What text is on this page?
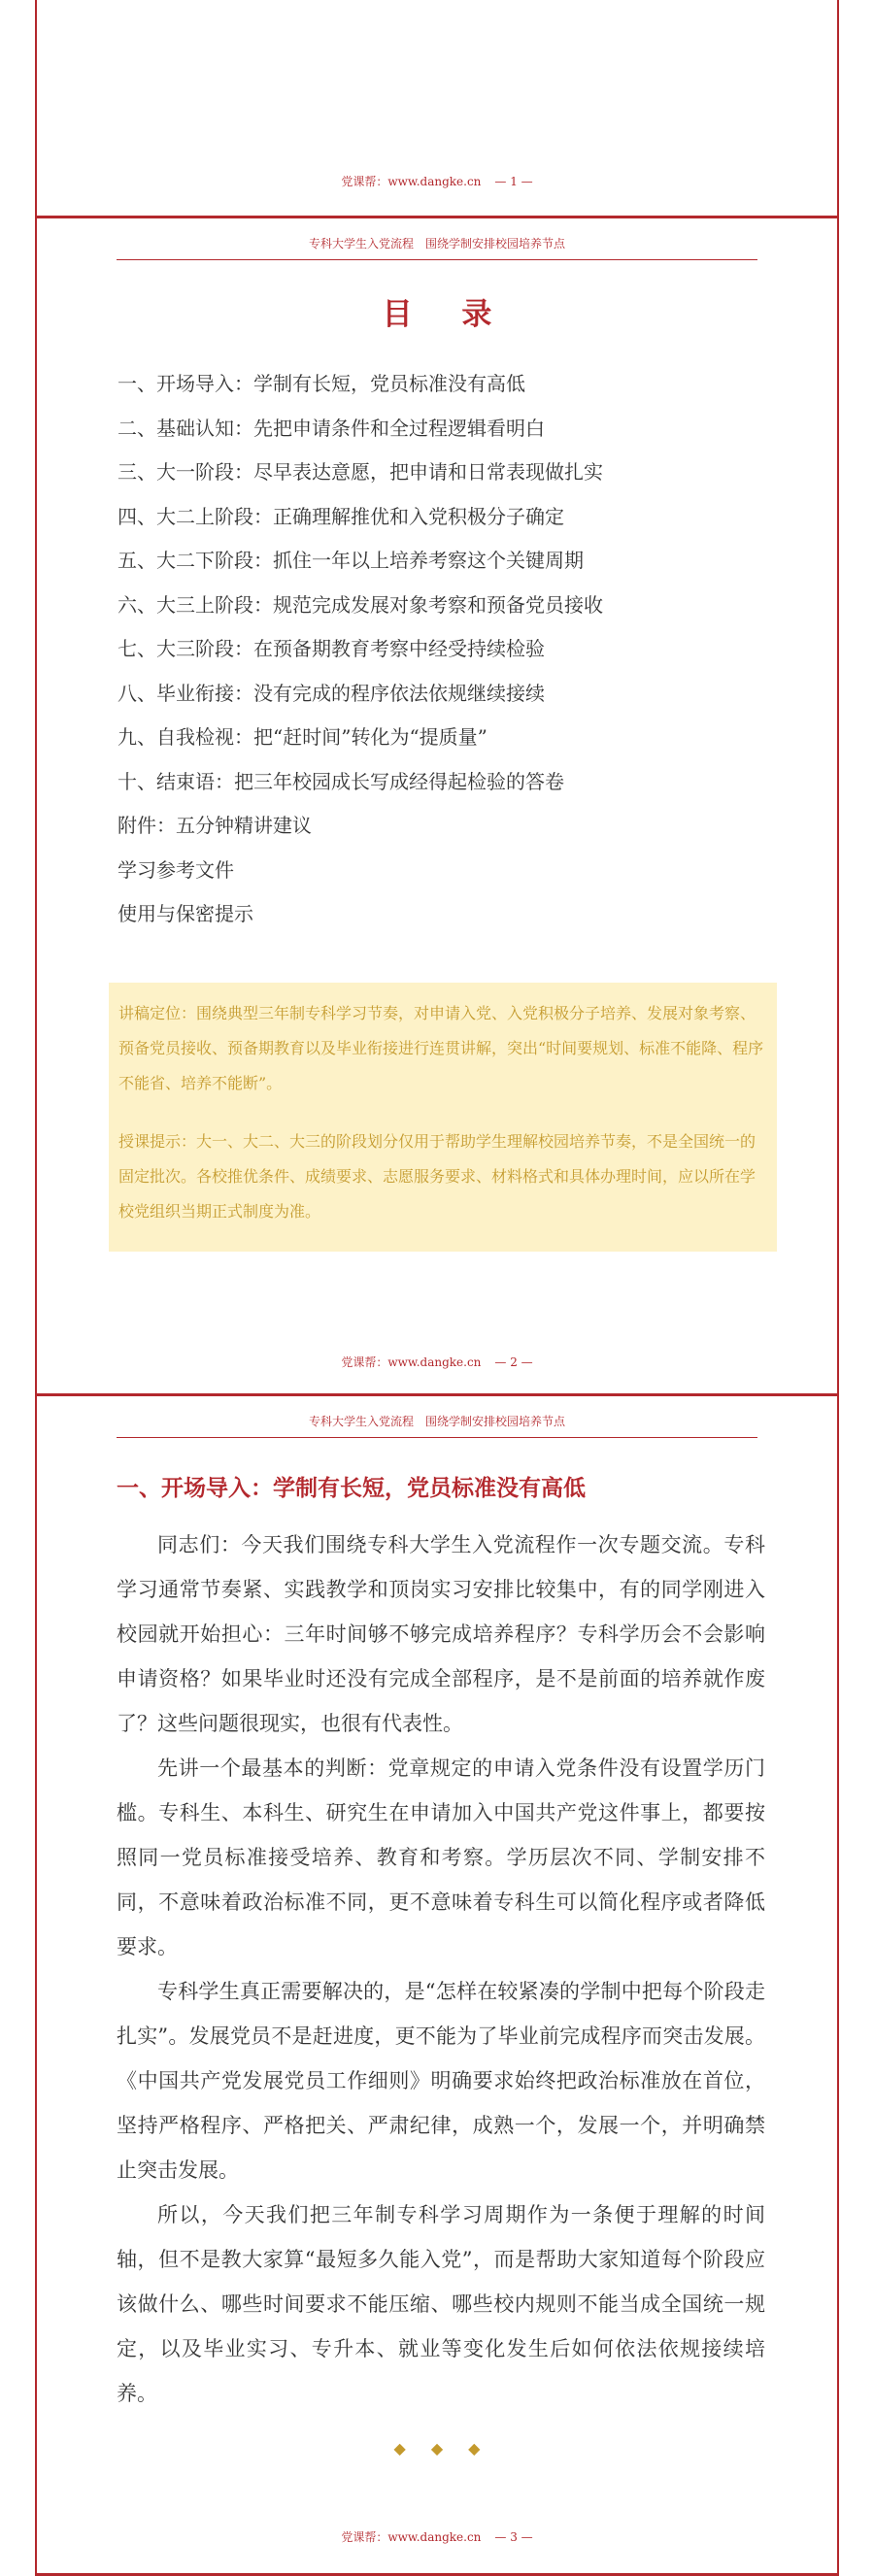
党课帮：www.dangke.cn — 1 —
专科大学生入党流程　围绕学制安排校园培养节点
目 录
一、开场导入：学制有长短，党员标准没有高低
二、基础认知：先把申请条件和全过程逻辑看明白
三、大一阶段：尽早表达意愿，把申请和日常表现做扎实
四、大二上阶段：正确理解推优和入党积极分子确定
五、大二下阶段：抓住一年以上培养考察这个关键周期
六、大三上阶段：规范完成发展对象考察和预备党员接收
七、大三阶段：在预备期教育考察中经受持续检验
八、毕业衔接：没有完成的程序依法依规继续接续
九、自我检视：把“赶时间”转化为“提质量”
十、结束语：把三年校园成长写成经得起检验的答卷
附件：五分钟精讲建议
学习参考文件
使用与保密提示

讲稿定位：围绕典型三年制专科学习节奏，对申请入党、入党积极分子培养、发展对象考察、预备党员接收、预备期教育以及毕业衔接进行连贯讲解，突出“时间要规划、标准不能降、程序不能省、培养不能断”。

授课提示：大一、大二、大三的阶段划分仅用于帮助学生理解校园培养节奏，不是全国统一的固定批次。各校推优条件、成绩要求、志愿服务要求、材料格式和具体办理时间，应以所在学校党组织当期正式制度为准。

党课帮：www.dangke.cn — 2 —
专科大学生入党流程　围绕学制安排校园培养节点
一、开场导入：学制有长短，党员标准没有高低

同志们：今天我们围绕专科大学生入党流程作一次专题交流。专科学习通常节奏紧、实践教学和顶岗实习安排比较集中，有的同学刚进入校园就开始担心：三年时间够不够完成培养程序？专科学历会不会影响申请资格？如果毕业时还没有完成全部程序，是不是前面的培养就作废了？这些问题很现实，也很有代表性。

先讲一个最基本的判断：党章规定的申请入党条件没有设置学历门槛。专科生、本科生、研究生在申请加入中国共产党这件事上，都要按照同一党员标准接受培养、教育和考察。学历层次不同、学制安排不同，不意味着政治标准不同，更不意味着专科生可以简化程序或者降低要求。

专科学生真正需要解决的，是“怎样在较紧凑的学制中把每个阶段走扎实”。发展党员不是赶进度，更不能为了毕业前完成程序而突击发展。《中国共产党发展党员工作细则》明确要求始终把政治标准放在首位，坚持严格程序、严格把关、严肃纪律，成熟一个，发展一个，并明确禁止突击发展。

所以，今天我们把三年制专科学习周期作为一条便于理解的时间轴，但不是教大家算“最短多久能入党”，而是帮助大家知道每个阶段应该做什么、哪些时间要求不能压缩、哪些校内规则不能当成全国统一规定，以及毕业实习、专升本、就业等变化发生后如何依法依规接续培养。

◆◆◆
党课帮：www.dangke.cn — 3 —
